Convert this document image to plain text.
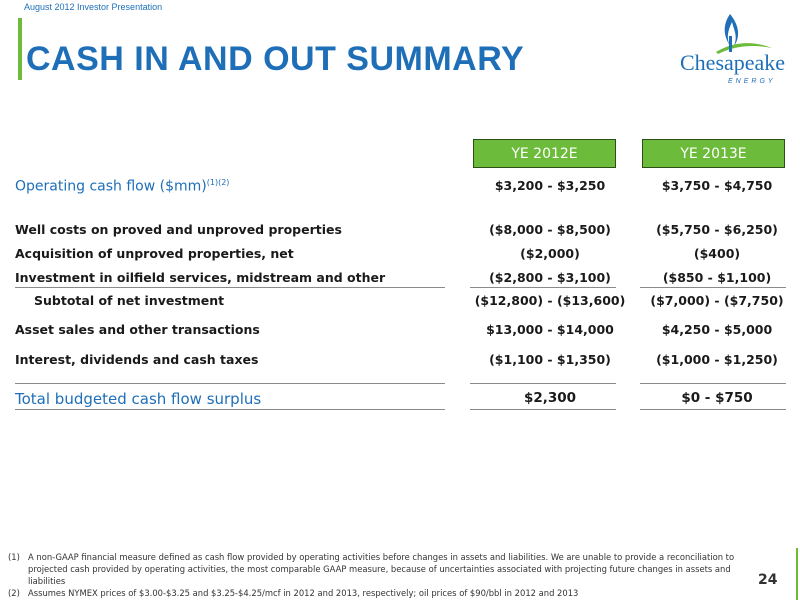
August 2012 Investor Presentation
CASH IN AND OUT SUMMARY	Chesapeake
ENERGY
YE 2012E	YE 2013E
Operating cash flow ($mm)$^{(1)(2)}$	$3,200 - $3,250	$3,750 - $4,750
Well costs on proved and unproved properties	($8,000 - $8,500)	($5,750 - $6,250)
Acquisition of unproved properties, net	($2,000)	($400)
Investment in oilfield services, midstream and other	($2,800 - $3,100)	($850 - $1,100)
Subtotal of net investment	($12,800) - ($13,600)	($7,000) - ($7,750)
Asset sales and other transactions	$13,000 - $14,000	$4,250 - $5,000
Interest, dividends and cash taxes	($1,100 - $1,350)	($1,000 - $1,250)
Total budgeted cash flow surplus	$2,300	$0 - $750
(1) A non-GAAP financial measure defined as cash flow provided by operating activities before changes in assets and liabilities. We are unable to provide a reconciliation to projected cash provided by operating activities, the most comparable GAAP measure, because of uncertainties associated with projecting future changes in assets and liabilities
(2) Assumes NYMEX prices of $3.00-$3.25 and $3.25-$4.25/mcf in 2012 and 2013, respectively; oil prices of $90/bbl in 2012 and 2013
24
